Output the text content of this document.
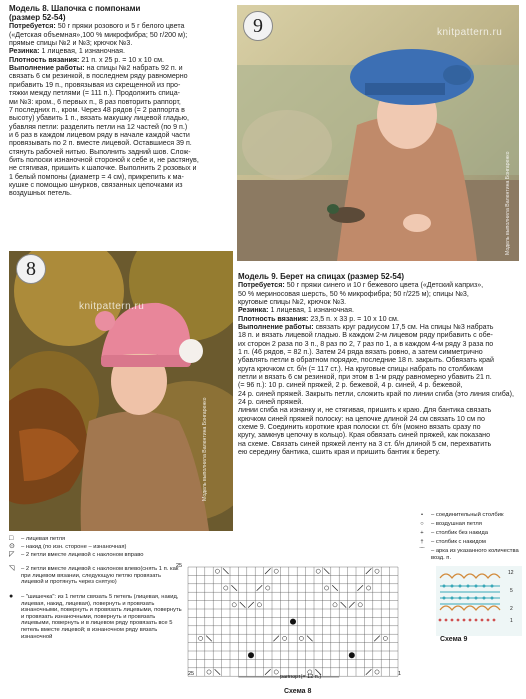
Модель 8. Шапочка с помпонами
(размер 52-54)

Потребуется: 50 г пряжи розового и 5 г белого цвета

(«Детская объемная»,100 % микрофибра; 50 г/200 м);

прямые спицы №2 и №3; крючок №3.

Резинка: 1 лицевая, 1 изнаночная.

Плотность вязания: 21 п. х 25 р. = 10 х 10 см.

Выполнение работы: на спицы №2 набрать 92 п. и

связать 6 см резинкой, в последнем ряду равномерно

прибавить 19 п., провязывая из скрещенной из про-

тяжки между петлями (= 111 п.). Продолжить спица-

ми №3: кром., 6 первых п., 8 раз повторить раппорт,

7 последних п., кром. Через 48 рядов (= 2 раппорта в

высоту) убавить 1 п., вязать макушку лицевой гладью,

убавляя петли: разделить петли на 12 частей (по 9 п.)

и 6 раз в каждом лицевом ряду в начале каждой части

провязывать по 2 п. вместе лицевой. Оставшиеся 39 п.

стянуть рабочей нитью. Выполнить задний шов. Слож-

бить полоски изнаночной стороной к себе и, не растянув,

не стягивая, пришить к шапочке. Выполнить 2 розовых и

1 белый помпоны (диаметр = 4 см), прикрепить к ма-

кушке с помощью шнурков, связанных цепочками из

воздушных петель.

9	knitpattern.ru
Модель выполнила Валентина Бонгаренко
8
knitpattern.ru
Модель выполнила Валентина Бонгаренко
Модель 9. Берет на спицах (размер 52-54)

Потребуется: 50 г пряжи синего и 10 г бежевого цвета («Детский каприз»,

50 % мериносовая шерсть, 50 % микрофибра; 50 г/225 м); спицы №3,

круговые спицы №2, крючок №3.

Резинка: 1 лицевая, 1 изнаночная.

Плотность вязания: 23,5 п. х 33 р. = 10 х 10 см.

Выполнение работы: связать круг радиусом 17,5 см. На спицы №3 набрать

18 п. и вязать лицевой гладью. В каждом 2-м лицевом ряду прибавить с обе-

их сторон 2 раза по 3 п., 8 раз по 2, 7 раз по 1, а в каждом 4-м ряду 3 раза по

1 п. (46 рядов, = 82 п.). Затем 24 ряда вязать ровно, а затем симметрично

убавлять петли в обратном порядке, последние 18 п. закрыть. Обвязать край

круга крючком ст. б/н (= 117 ст.). На круговые спицы набрать по столбикам

петли и вязать 6 см резинкой, при этом в 1-м ряду равномерно убавить 21 п.

(= 96 п.): 10 р. синей пряжей, 2 р. бежевой, 4 р. синей, 4 р. бежевой,

24 р. синей пряжей. Закрыть петли, сложить край по линии сгиба (это линия сгиба), 24 р. синей пряжей.

линии сгиба на изнанку и, не стягивая, пришить к краю. Для бантика связать

крючком синей пряжей полоску: на цепочке длиной 24 см связать 10 см по

схеме 9. Соединить короткие края полоски ст. б/н (можно вязать сразу по

кругу, замкнув цепочку в кольцо). Края обвязать синей пряжей, как показано

на схеме. Связать синей пряжей ленту на 3 ст. б/н длиной 5 см, перехватить

ею середину бантика, сшить края и пришить бантик к берету.

□	– лицевая петля
⊙	– накид (по изн. стороне – изнаночная)
◸	– 2 петли вместе лицевой с наклоном вправо
◹	– 2 петли вместе лицевой с наклоном влево(снять 1 п. как при лицевом вязании, следующую петлю провязать лицевой и протянуть через снятую)
●	– "шишечка": из 1 петли связать 5 петель (лицевая, накид, лицевая, накид, лицевая), повернуть и провязать изнаночными, повернуть и провязать лицевыми, повернуть и провязать изнаночными, повернуть и провязать лицевыми, повернуть и в лицевом ряду провязать все 5 петель вместе лицевой; в изнаночном ряду вязать изнаночной
25
25	1
раппорт(= 12 п.)
Схема 8
•	– соединительный столбик
○	– воздушная петля
+	– столбик без накида
†	– столбик с накидом
⌒	– арка из указанного количества возд. п.
12
5
2
1
Схема 9
